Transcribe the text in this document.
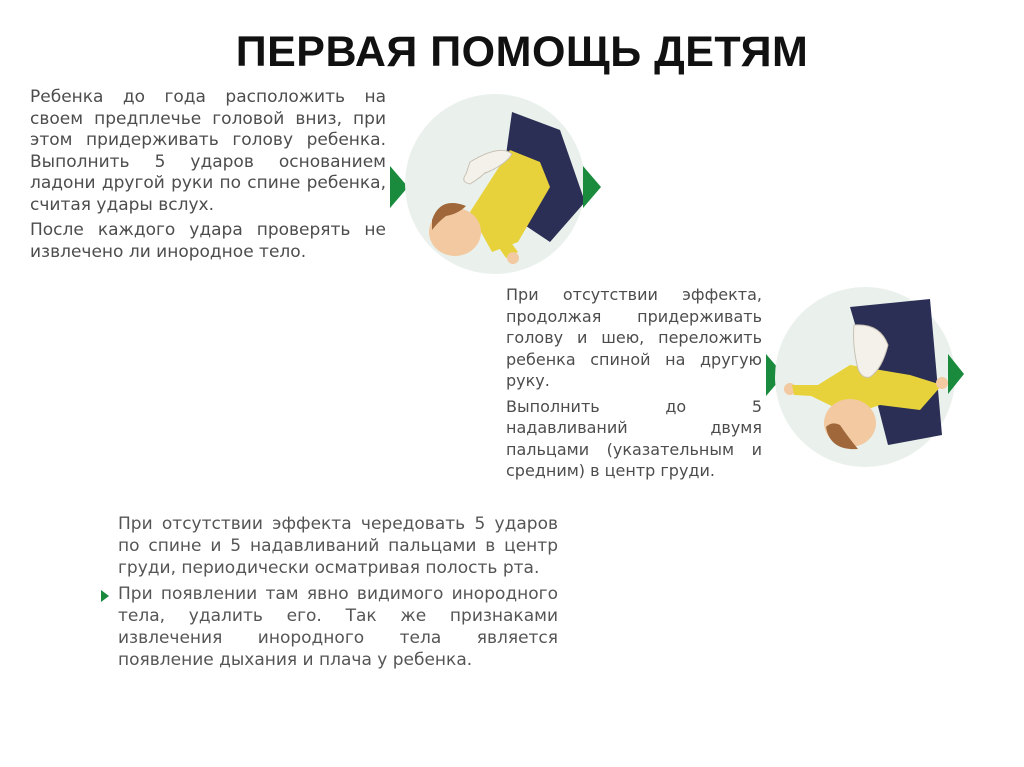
ПЕРВАЯ ПОМОЩЬ ДЕТЯМ

Ребенка до года расположить на своем предплечье головой вниз, при этом придерживать голову ребенка. Выполнить 5 ударов основанием ладони другой руки по спине ребенка, считая удары вслух.

После каждого удара проверять не извлечено ли инородное тело.

При отсутствии эффекта, продолжая придерживать голову и шею, переложить ребенка спиной на другую руку.

Выполнить до 5 надавливаний двумя пальцами (указательным и средним) в центр груди.

При отсутствии эффекта чередовать 5 ударов по спине и 5 надавливаний пальцами в центр груди, периодически осматривая полость рта.

При появлении там явно видимого инородного тела, удалить его. Так же признаками извлечения инородного тела является появление дыхания и плача у ребенка.
